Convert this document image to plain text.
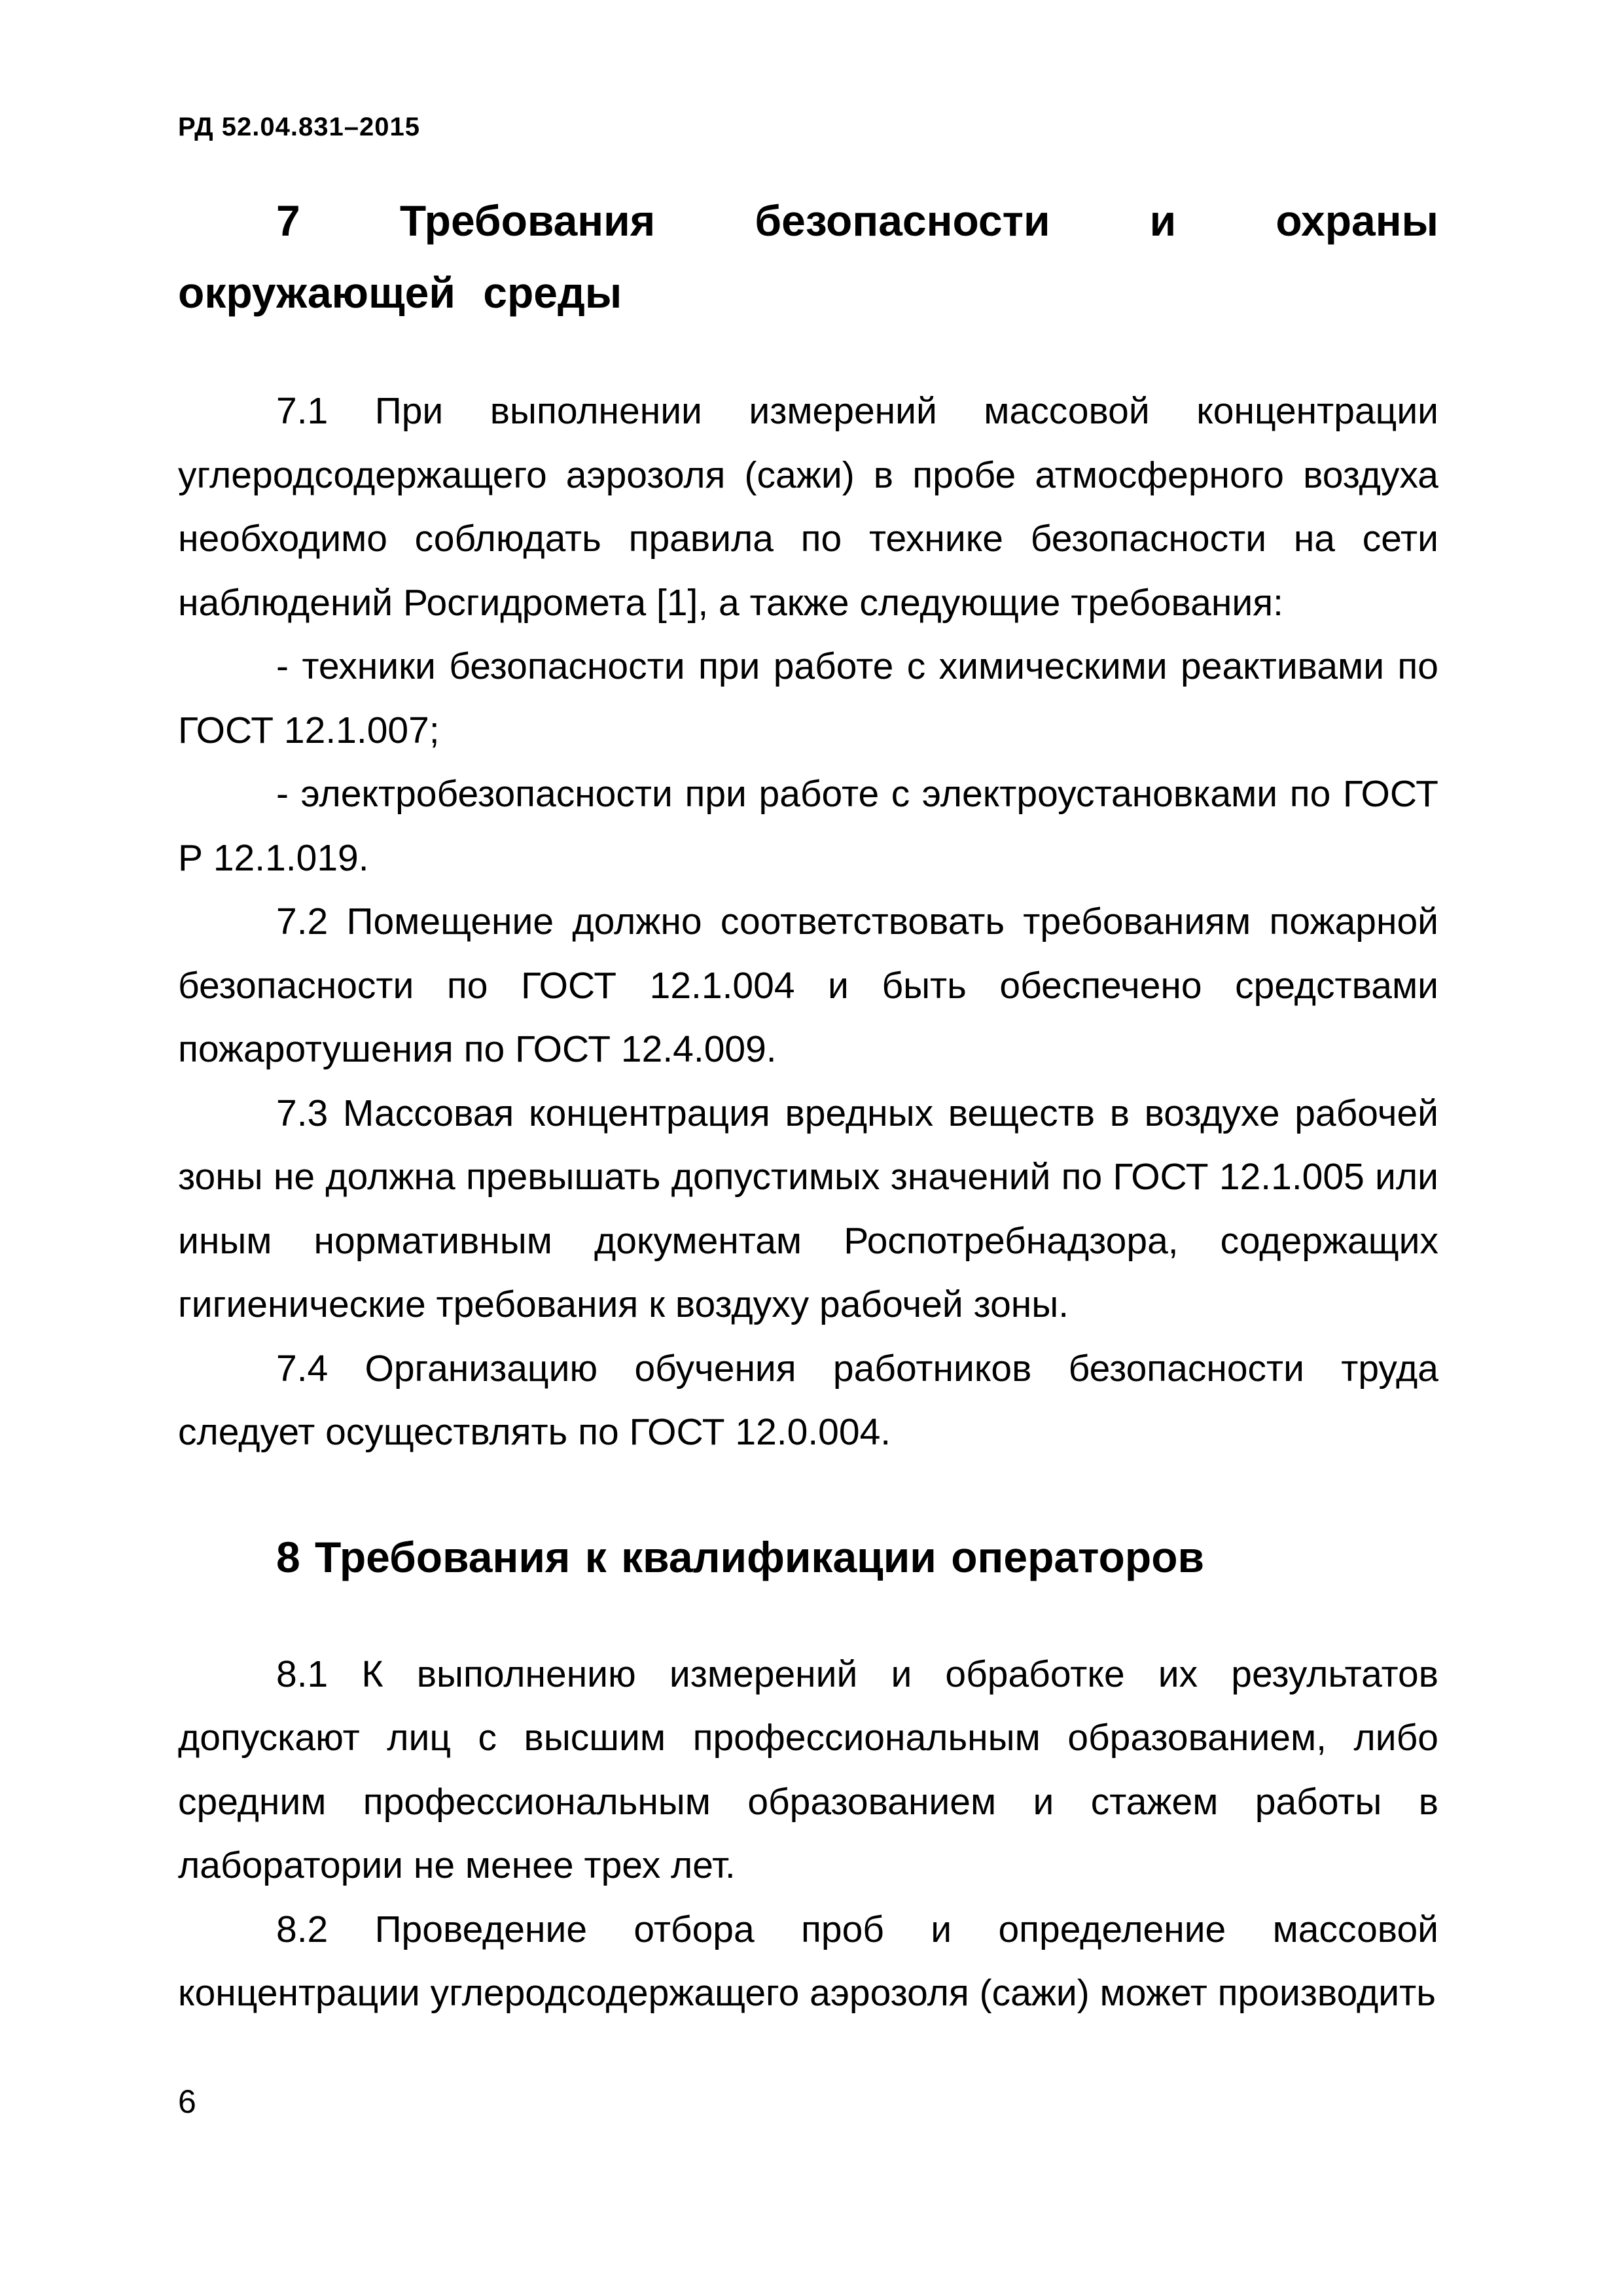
РД 52.04.831–2015
7 Требования безопасности и охраны окружающей среды

7.1 При выполнении измерений массовой концентрации углеродсодержащего аэрозоля (сажи) в пробе атмосферного воздуха необходимо соблюдать правила по технике безопасности на сети наблюдений Росгидромета [1], а также следующие требования:

- техники безопасности при работе с химическими реактивами по ГОСТ 12.1.007;

- электробезопасности при работе с электроустановками по ГОСТ Р 12.1.019.

7.2 Помещение должно соответствовать требованиям пожарной безопасности по ГОСТ 12.1.004 и быть обеспечено средствами пожаротушения по ГОСТ 12.4.009.

7.3 Массовая концентрация вредных веществ в воздухе рабочей зоны не должна превышать допустимых значений по ГОСТ 12.1.005 или иным нормативным документам Роспотребнадзора, содержащих гигиенические требования к воздуху рабочей зоны.

7.4 Организацию обучения работников безопасности труда следует осуществлять по ГОСТ 12.0.004.

8 Требования к квалификации операторов

8.1 К выполнению измерений и обработке их результатов допускают лиц с высшим профессиональным образованием, либо средним профессиональным образованием и стажем работы в лаборатории не менее трех лет.

8.2 Проведение отбора проб и определение массовой концентрации углеродсодержащего аэрозоля (сажи) может производить

6
